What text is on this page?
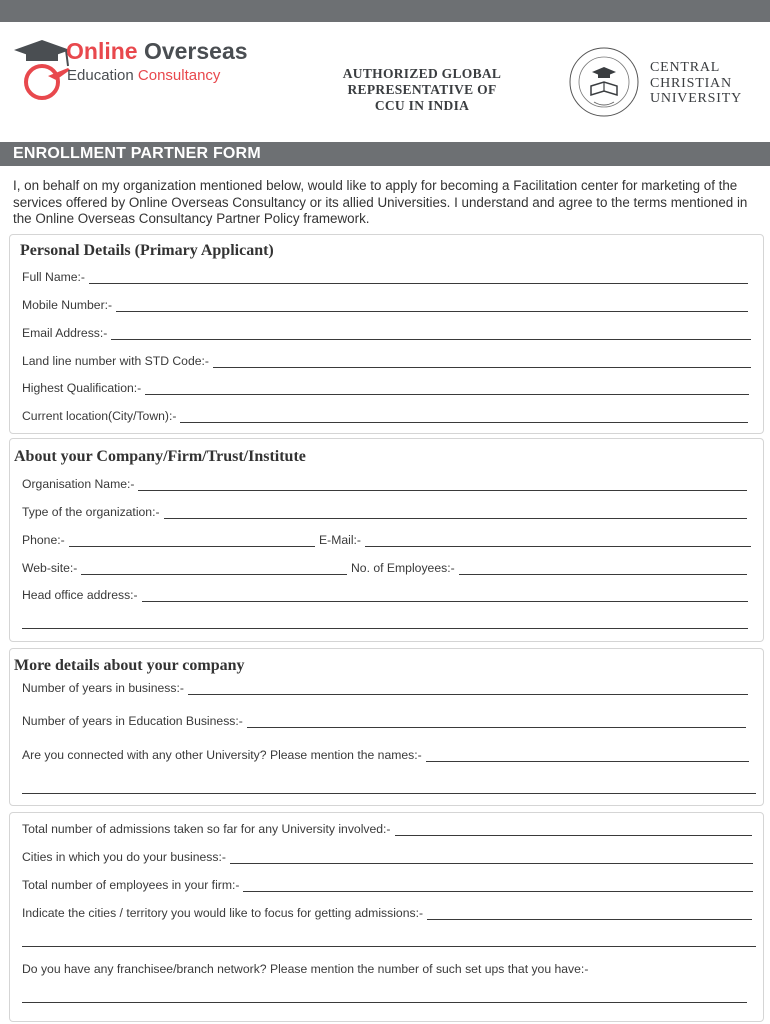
Online Overseas
Education Consultancy	AUTHORIZED GLOBAL
REPRESENTATIVE OF
CCU IN INDIA
CENTRAL
CHRISTIAN
UNIVERSITY
ENROLLMENT PARTNER FORM
I, on behalf on my organization mentioned below, would like to apply for becoming a Facilitation center for marketing of the services offered by Online Overseas Consultancy or its allied Universities. I understand and agree to the terms mentioned in the Online Overseas Consultancy Partner Policy framework.
Personal Details (Primary Applicant)
Full Name:-
Mobile Number:-
Email Address:-
Land line number with STD Code:-
Highest Qualification:-
Current location(City/Town):-
About your Company/Firm/Trust/Institute
Organisation Name:-
Type of the organization:-
Phone:-	E-Mail:-
Web-site:-	No. of Employees:-
Head office address:-
More details about your company
Number of years in business:-
Number of years in Education Business:-
Are you connected with any other University? Please mention the names:-
Total number of admissions taken so far for any University involved:-
Cities in which you do your business:-
Total number of employees in your firm:-
Indicate the cities / territory you would like to focus for getting admissions:-
Do you have any franchisee/branch network? Please mention the number of such set ups that you have:-
